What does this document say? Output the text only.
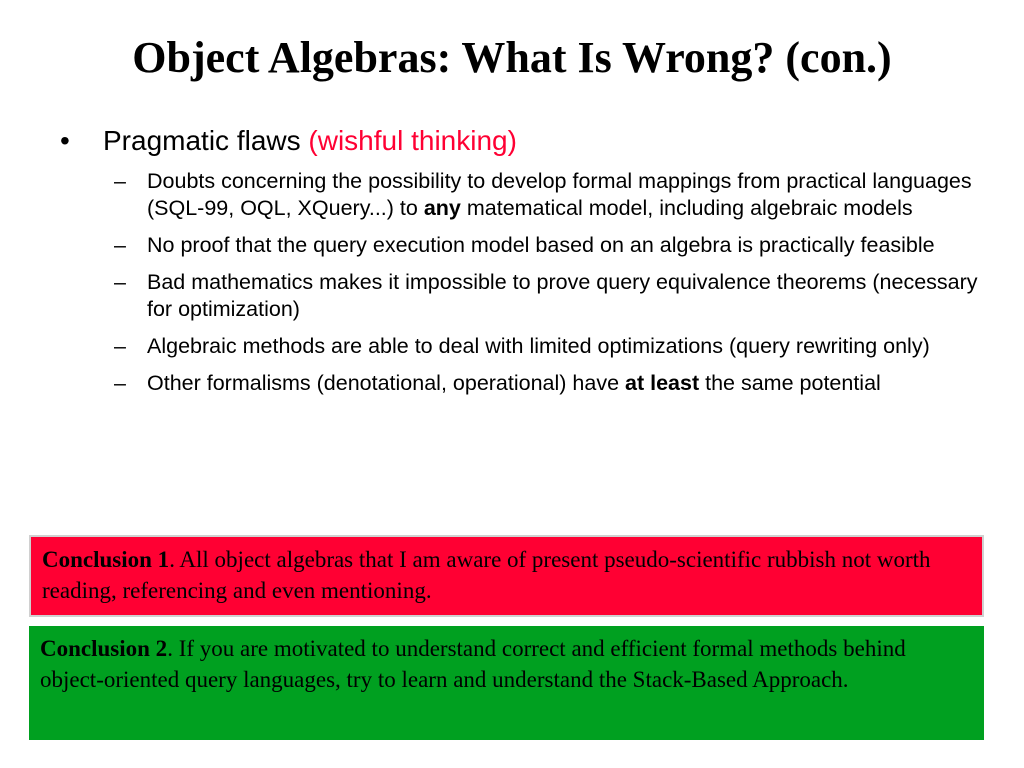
Object Algebras: What Is Wrong? (con.)
• Pragmatic flaws (wishful thinking)
– Doubts concerning the possibility to develop formal mappings from practical languages (SQL-99, OQL, XQuery...) to any matematical model, including algebraic models
– No proof that the query execution model based on an algebra is practically feasible
– Bad mathematics makes it impossible to prove query equivalence theorems (necessary for optimization)
– Algebraic methods are able to deal with limited optimizations (query rewriting only)
– Other formalisms (denotational, operational) have at least the same potential
Conclusion 1. All object algebras that I am aware of present pseudo-scientific rubbish not worth reading, referencing and even mentioning.
Conclusion 2. If you are motivated to understand correct and efficient formal methods behind object-oriented query languages, try to learn and understand the Stack-Based Approach.
